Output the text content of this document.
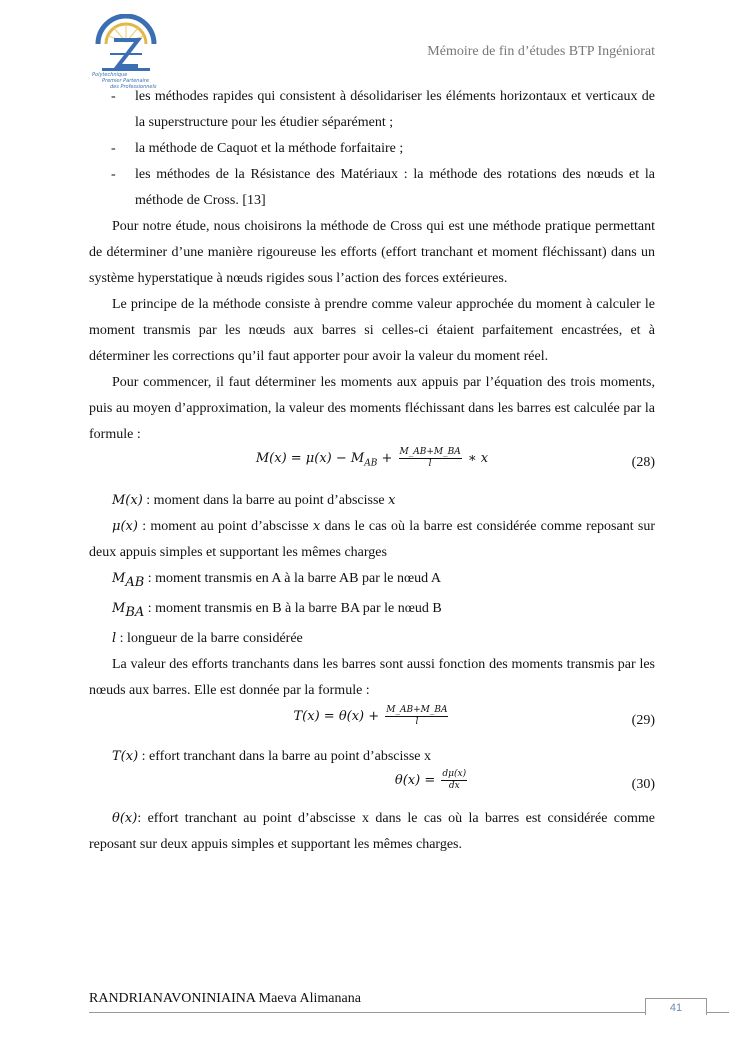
Polytechnique
Premier Partenaire
des Professionnels
Mémoire de fin d’études BTP Ingéniorat
- les méthodes rapides qui consistent à désolidariser les éléments horizontaux et verticaux de la superstructure pour les étudier séparément ;
- la méthode de Caquot et la méthode forfaitaire ;
- les méthodes de la Résistance des Matériaux : la méthode des rotations des nœuds et la méthode de Cross. [13]

Pour notre étude, nous choisirons la méthode de Cross qui est une méthode pratique permettant de déterminer d’une manière rigoureuse les efforts (effort tranchant et moment fléchissant) dans un système hyperstatique à nœuds rigides sous l’action des forces extérieures.

Le principe de la méthode consiste à prendre comme valeur approchée du moment à calculer le moment transmis par les nœuds aux barres si celles-ci étaient parfaitement encastrées, et à déterminer les corrections qu’il faut apporter pour avoir la valeur du moment réel.

Pour commencer, il faut déterminer les moments aux appuis par l’équation des trois moments, puis au moyen d’approximation, la valeur des moments fléchissant dans les barres est calculée par la formule :

$M(x) = \mu(x) - M_{AB} + \frac{M\_AB+M\_BA}{l}$ ∗ x	(28)

M(x) : moment dans la barre au point d’abscisse x

μ(x) : moment au point d’abscisse x dans le cas où la barre est considérée comme reposant sur deux appuis simples et supportant les mêmes charges

$M_{AB}$ : moment transmis en A à la barre AB par le nœud A

$M_{BA}$ : moment transmis en B à la barre BA par le nœud B

l : longueur de la barre considérée

La valeur des efforts tranchants dans les barres sont aussi fonction des moments transmis par les nœuds aux barres. Elle est donnée par la formule :

$T(x) = \theta(x) + \frac{M\_AB+M\_BA}{l}$	(29)

T(x) : effort tranchant dans la barre au point d’abscisse x

$\theta(x) = \frac{d\mu(x)}{dx}$	(30)

θ(x): effort tranchant au point d’abscisse x dans le cas où la barres est considérée comme reposant sur deux appuis simples et supportant les mêmes charges.

RANDRIANAVONINIAINA Maeva Alimanana
41
